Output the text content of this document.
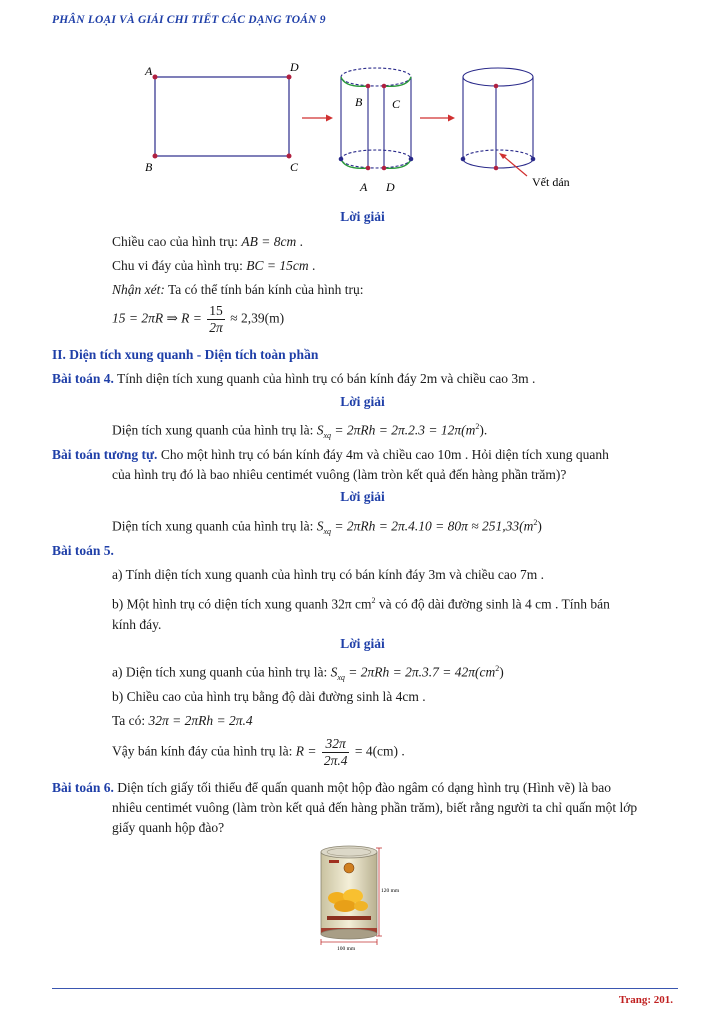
PHÂN LOẠI VÀ GIẢI CHI TIẾT CÁC DẠNG TOÁN 9
A	D
B	C
B C
A D	Vết dán
Lời giải
Chiều cao của hình trụ: AB = 8cm .
Chu vi đáy của hình trụ: BC = 15cm .
Nhận xét: Ta có thể tính bán kính của hình trụ:
15 = 2πR ⇒ $R = \frac{15}{2\pi} \approx 2,39(m)$
II. Diện tích xung quanh - Diện tích toàn phần
Bài toán 4. Tính diện tích xung quanh của hình trụ có bán kính đáy 2m và chiều cao 3m .
Lời giải
Diện tích xung quanh của hình trụ là: $S_{xq} = 2\pi Rh = 2\pi.2.3 = 12\pi(m^2)$.
Bài toán tương tự. Cho một hình trụ có bán kính đáy 4m và chiều cao 10m . Hỏi diện tích xung quanh
của hình trụ đó là bao nhiêu centimét vuông (làm tròn kết quả đến hàng phần trăm)?
Lời giải
Diện tích xung quanh của hình trụ là: $S_{xq} = 2\pi Rh = 2\pi.4.10 = 80\pi \approx 251,33(m^2)$
Bài toán 5.
a) Tính diện tích xung quanh của hình trụ có bán kính đáy 3m và chiều cao 7m .
b) Một hình trụ có diện tích xung quanh 32π $cm^2$ và có độ dài đường sinh là 4 cm . Tính bán
kính đáy.
Lời giải
a) Diện tích xung quanh của hình trụ là: $S_{xq} = 2\pi Rh = 2\pi.3.7 = 42\pi(cm^2)$
b) Chiều cao của hình trụ bằng độ dài đường sinh là 4cm .
Ta có: 32π = 2πRh = 2π.4
Vậy bán kính đáy của hình trụ là: $R = \frac{32\pi}{2\pi.4} = 4(cm)$ .
Bài toán 6. Diện tích giấy tối thiểu để quấn quanh một hộp đào ngâm có dạng hình trụ (Hình vẽ) là bao
nhiêu centimét vuông (làm tròn kết quả đến hàng phần trăm), biết rằng người ta chỉ quấn một lớp
giấy quanh hộp đào?
120 mm
100 mm
Trang: 201.
